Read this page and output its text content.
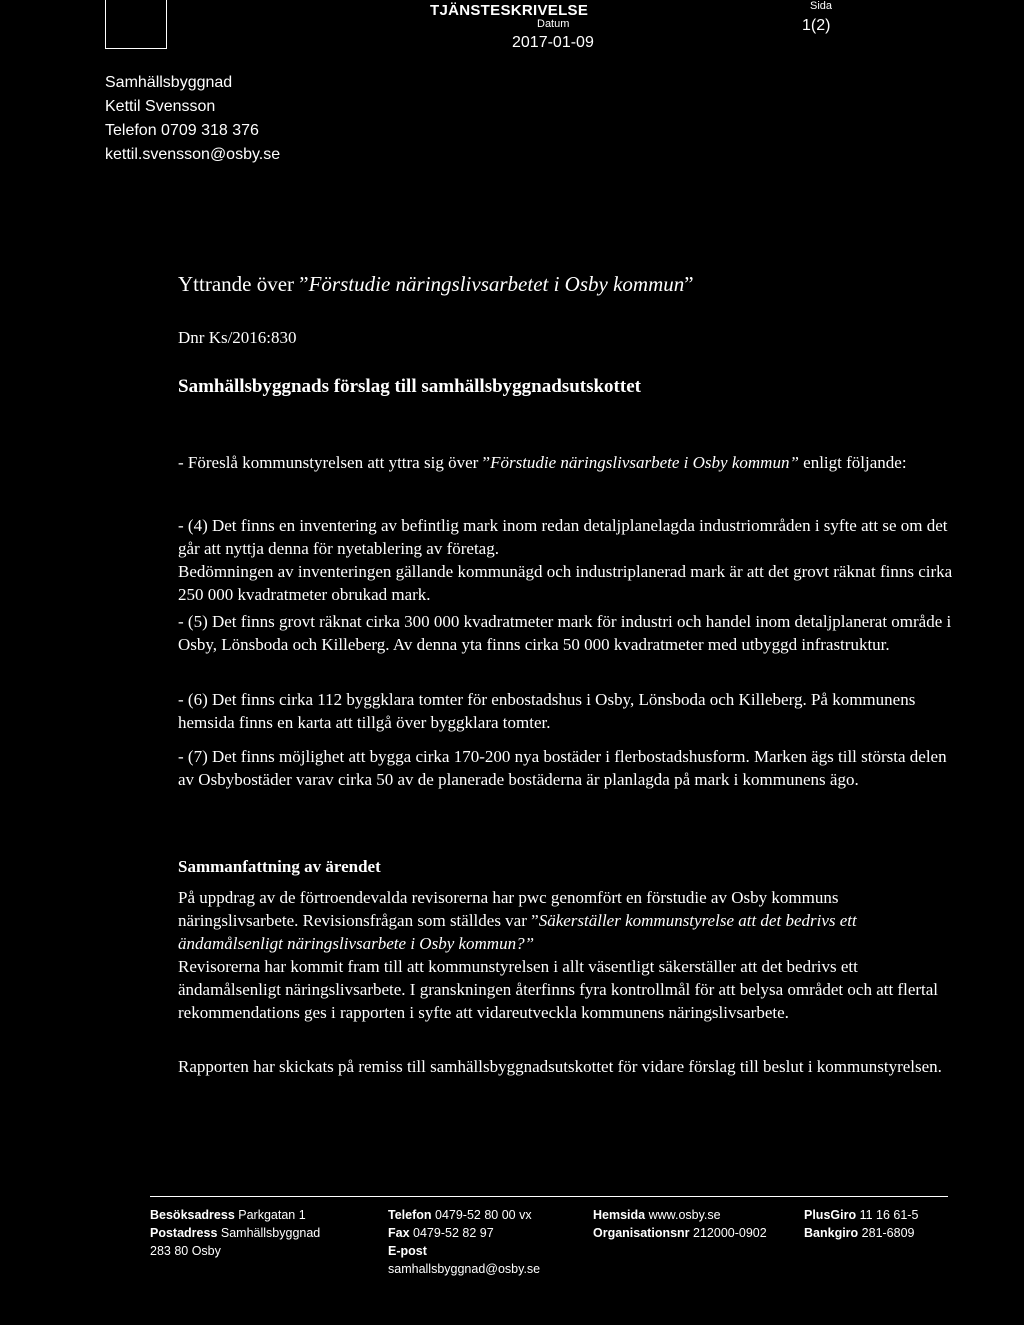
TJÄNSTESKRIVELSE
Datum
2017-01-09
Sida
1(2)
Samhällsbyggnad
Kettil Svensson
Telefon 0709 318 376
kettil.svensson@osby.se
Yttrande över ”Förstudie näringslivsarbetet i Osby kommun”
Dnr Ks/2016:830
Samhällsbyggnads förslag till samhällsbyggnadsutskottet

- Föreslå kommunstyrelsen att yttra sig över ”Förstudie näringslivsarbete i Osby kommun” enligt följande:

- (4) Det finns en inventering av befintlig mark inom redan detaljplanelagda industriområden i syfte att se om det går att nyttja denna för nyetablering av företag.

Bedömningen av inventeringen gällande kommunägd och industriplanerad mark är att det grovt räknat finns cirka 250 000 kvadratmeter obrukad mark.

- (5) Det finns grovt räknat cirka 300 000 kvadratmeter mark för industri och handel inom detaljplanerat område i Osby, Lönsboda och Killeberg. Av denna yta finns cirka 50 000 kvadratmeter med utbyggd infrastruktur.
- (6) Det finns cirka 112 byggklara tomter för enbostadshus i Osby, Lönsboda och Killeberg. På kommunens hemsida finns en karta att tillgå över byggklara tomter.
- (7) Det finns möjlighet att bygga cirka 170-200 nya bostäder i flerbostadshusform. Marken ägs till största delen av Osbybostäder varav cirka 50 av de planerade bostäderna är planlagda på mark i kommunens ägo.
Sammanfattning av ärendet

På uppdrag av de förtroendevalda revisorerna har pwc genomfört en förstudie av Osby kommuns näringslivsarbete. Revisionsfrågan som ställdes var ”Säkerställer kommunstyrelse att det bedrivs ett ändamålsenligt näringslivsarbete i Osby kommun?”

Revisorerna har kommit fram till att kommunstyrelsen i allt väsentligt säkerställer att det bedrivs ett ändamålsenligt näringslivsarbete. I granskningen återfinns fyra kontrollmål för att belysa området och att flertal rekommendations ges i rapporten i syfte att vidareutveckla kommunens näringslivsarbete.

Rapporten har skickats på remiss till samhällsbyggnadsutskottet för vidare förslag till beslut i kommunstyrelsen.
Besöksadress Parkgatan 1
Postadress Samhällsbyggnad
283 80 Osby
Telefon 0479-52 80 00 vx
Fax 0479-52 82 97
E-post
samhallsbyggnad@osby.se
Hemsida www.osby.se
Organisationsnr 212000-0902
PlusGiro 11 16 61-5
Bankgiro 281-6809
